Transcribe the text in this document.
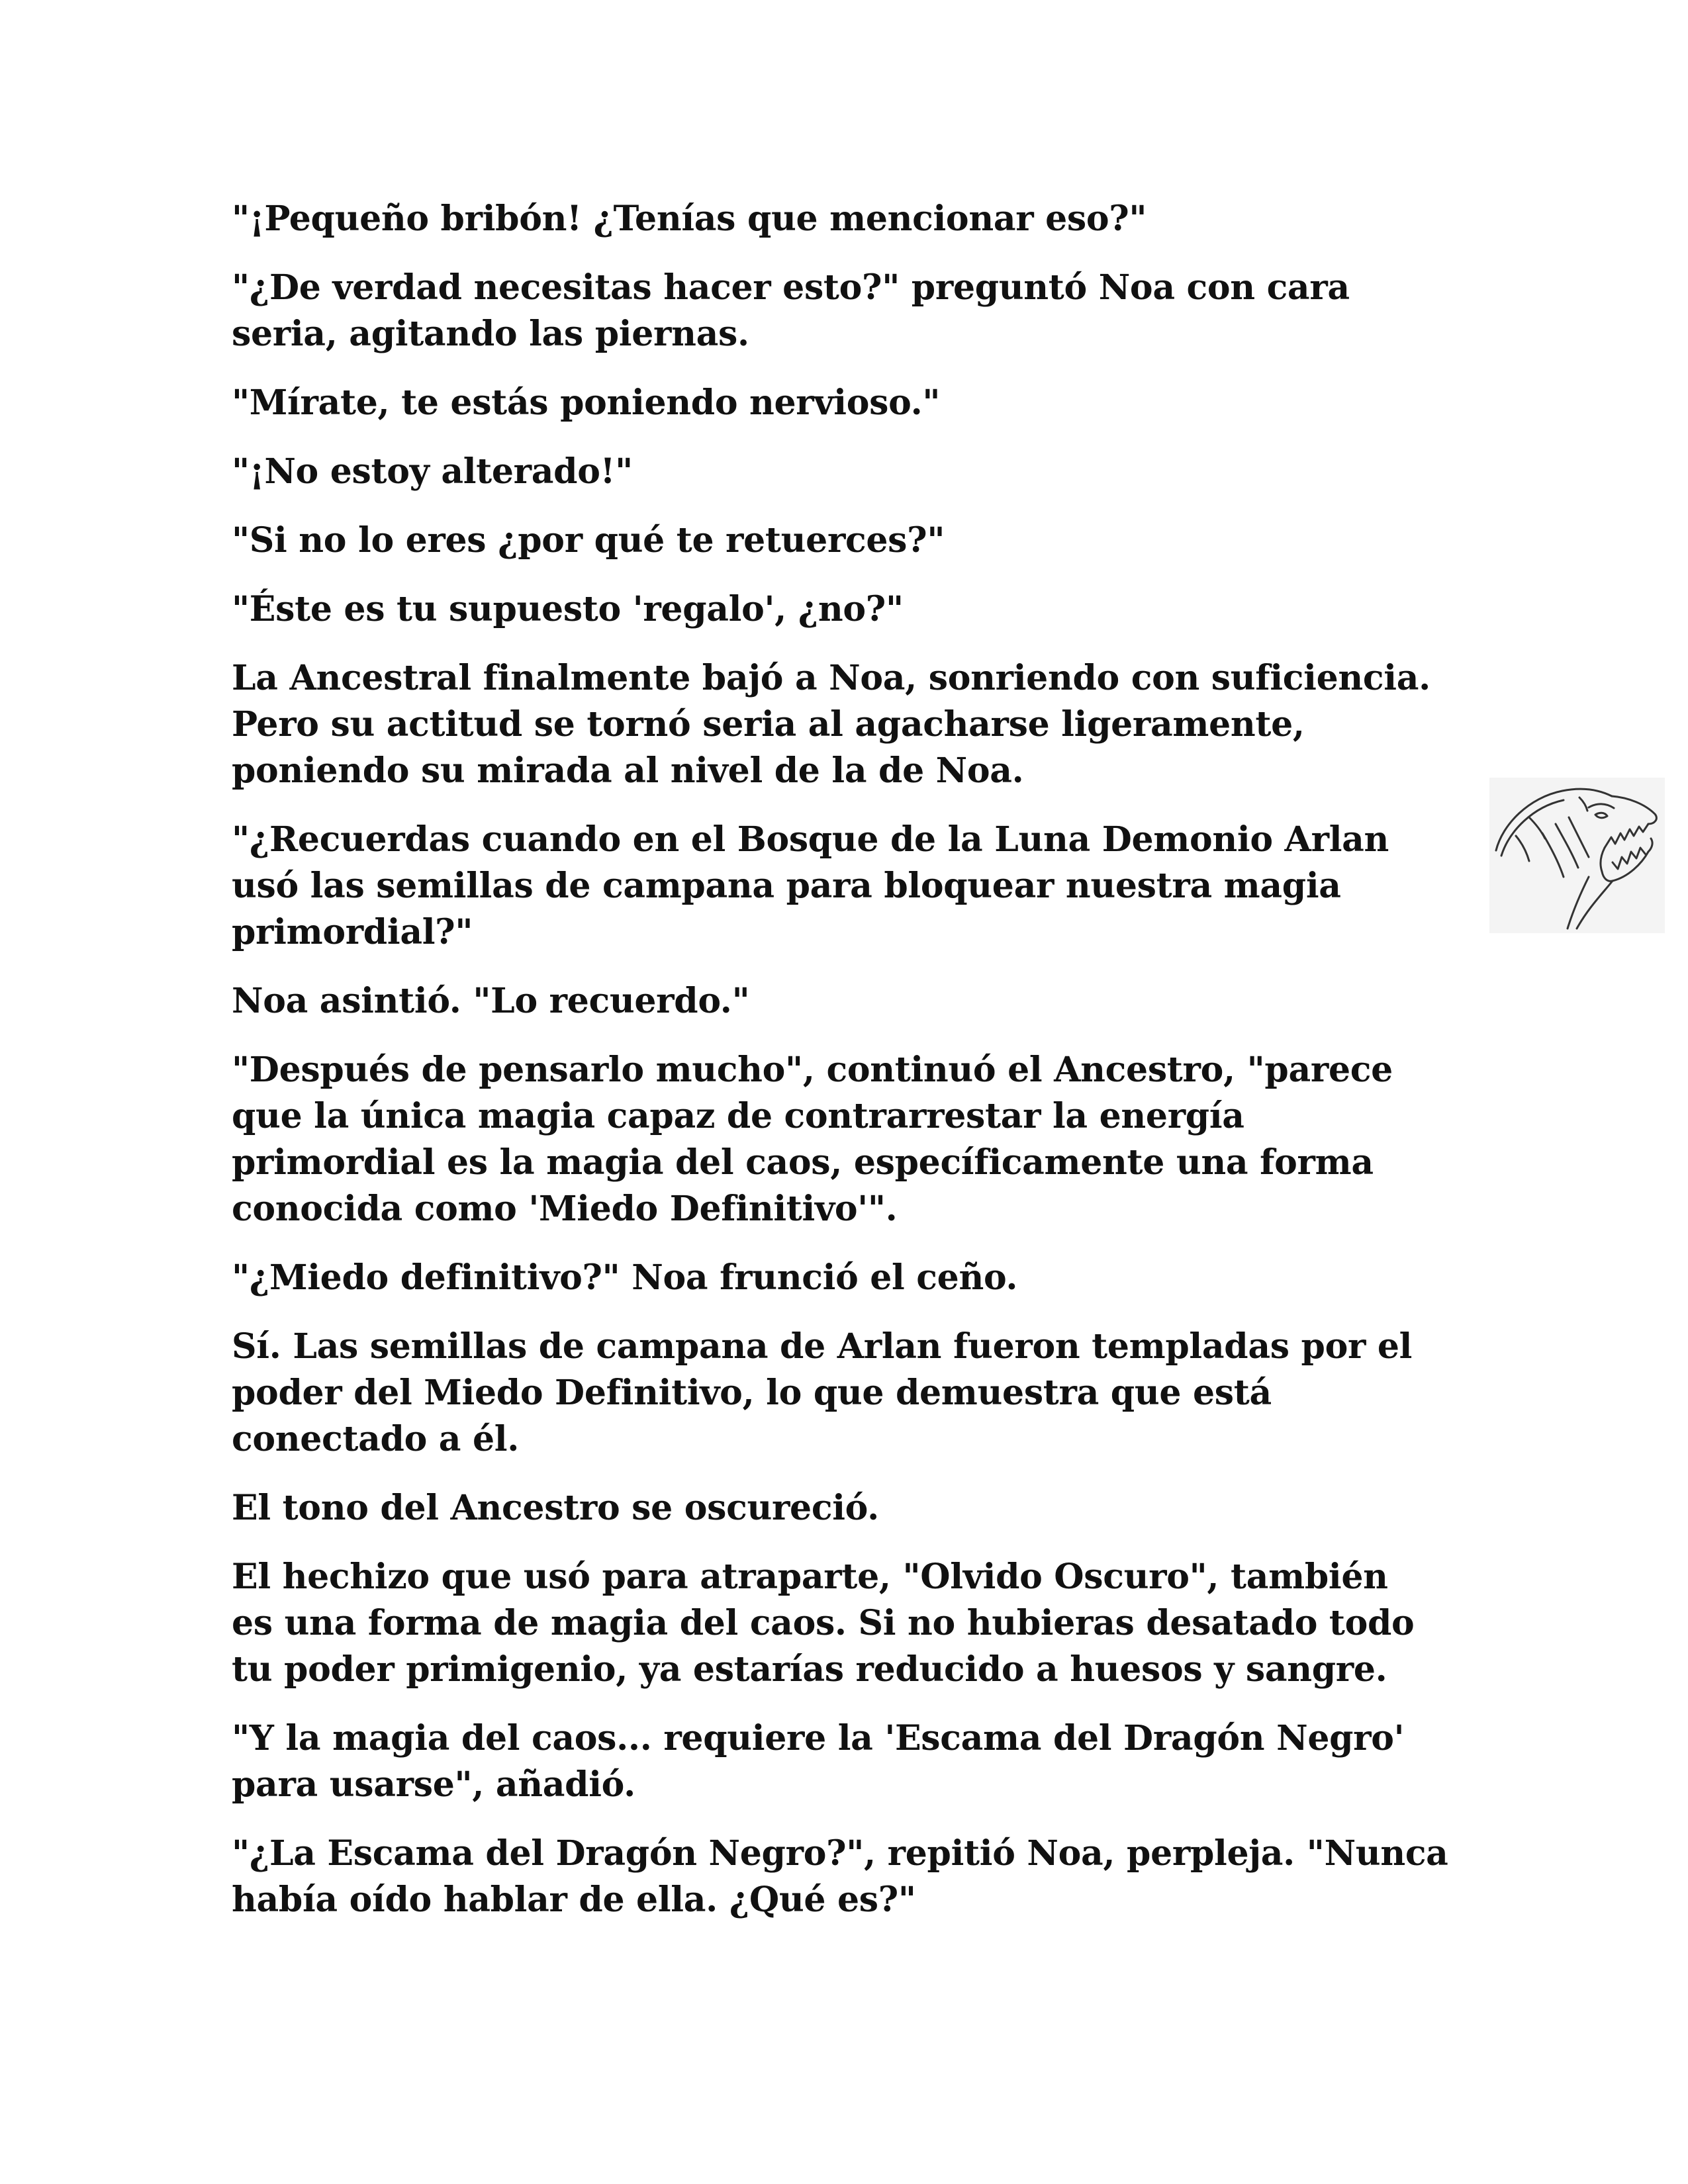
"¡Pequeño bribón! ¿Tenías que mencionar eso?"

"¿De verdad necesitas hacer esto?" preguntó Noa con cara
seria, agitando las piernas.

"Mírate, te estás poniendo nervioso."

"¡No estoy alterado!"

"Si no lo eres ¿por qué te retuerces?"

"Éste es tu supuesto 'regalo', ¿no?"

La Ancestral finalmente bajó a Noa, sonriendo con suficiencia.
Pero su actitud se tornó seria al agacharse ligeramente,
poniendo su mirada al nivel de la de Noa.

"¿Recuerdas cuando en el Bosque de la Luna Demonio Arlan
usó las semillas de campana para bloquear nuestra magia
primordial?"

Noa asintió. "Lo recuerdo."

"Después de pensarlo mucho", continuó el Ancestro, "parece
que la única magia capaz de contrarrestar la energía
primordial es la magia del caos, específicamente una forma
conocida como 'Miedo Definitivo'".

"¿Miedo definitivo?" Noa frunció el ceño.

Sí. Las semillas de campana de Arlan fueron templadas por el
poder del Miedo Definitivo, lo que demuestra que está
conectado a él.

El tono del Ancestro se oscureció.

El hechizo que usó para atraparte, "Olvido Oscuro", también
es una forma de magia del caos. Si no hubieras desatado todo
tu poder primigenio, ya estarías reducido a huesos y sangre.

"Y la magia del caos... requiere la 'Escama del Dragón Negro'
para usarse", añadió.

"¿La Escama del Dragón Negro?", repitió Noa, perpleja. "Nunca
había oído hablar de ella. ¿Qué es?"
